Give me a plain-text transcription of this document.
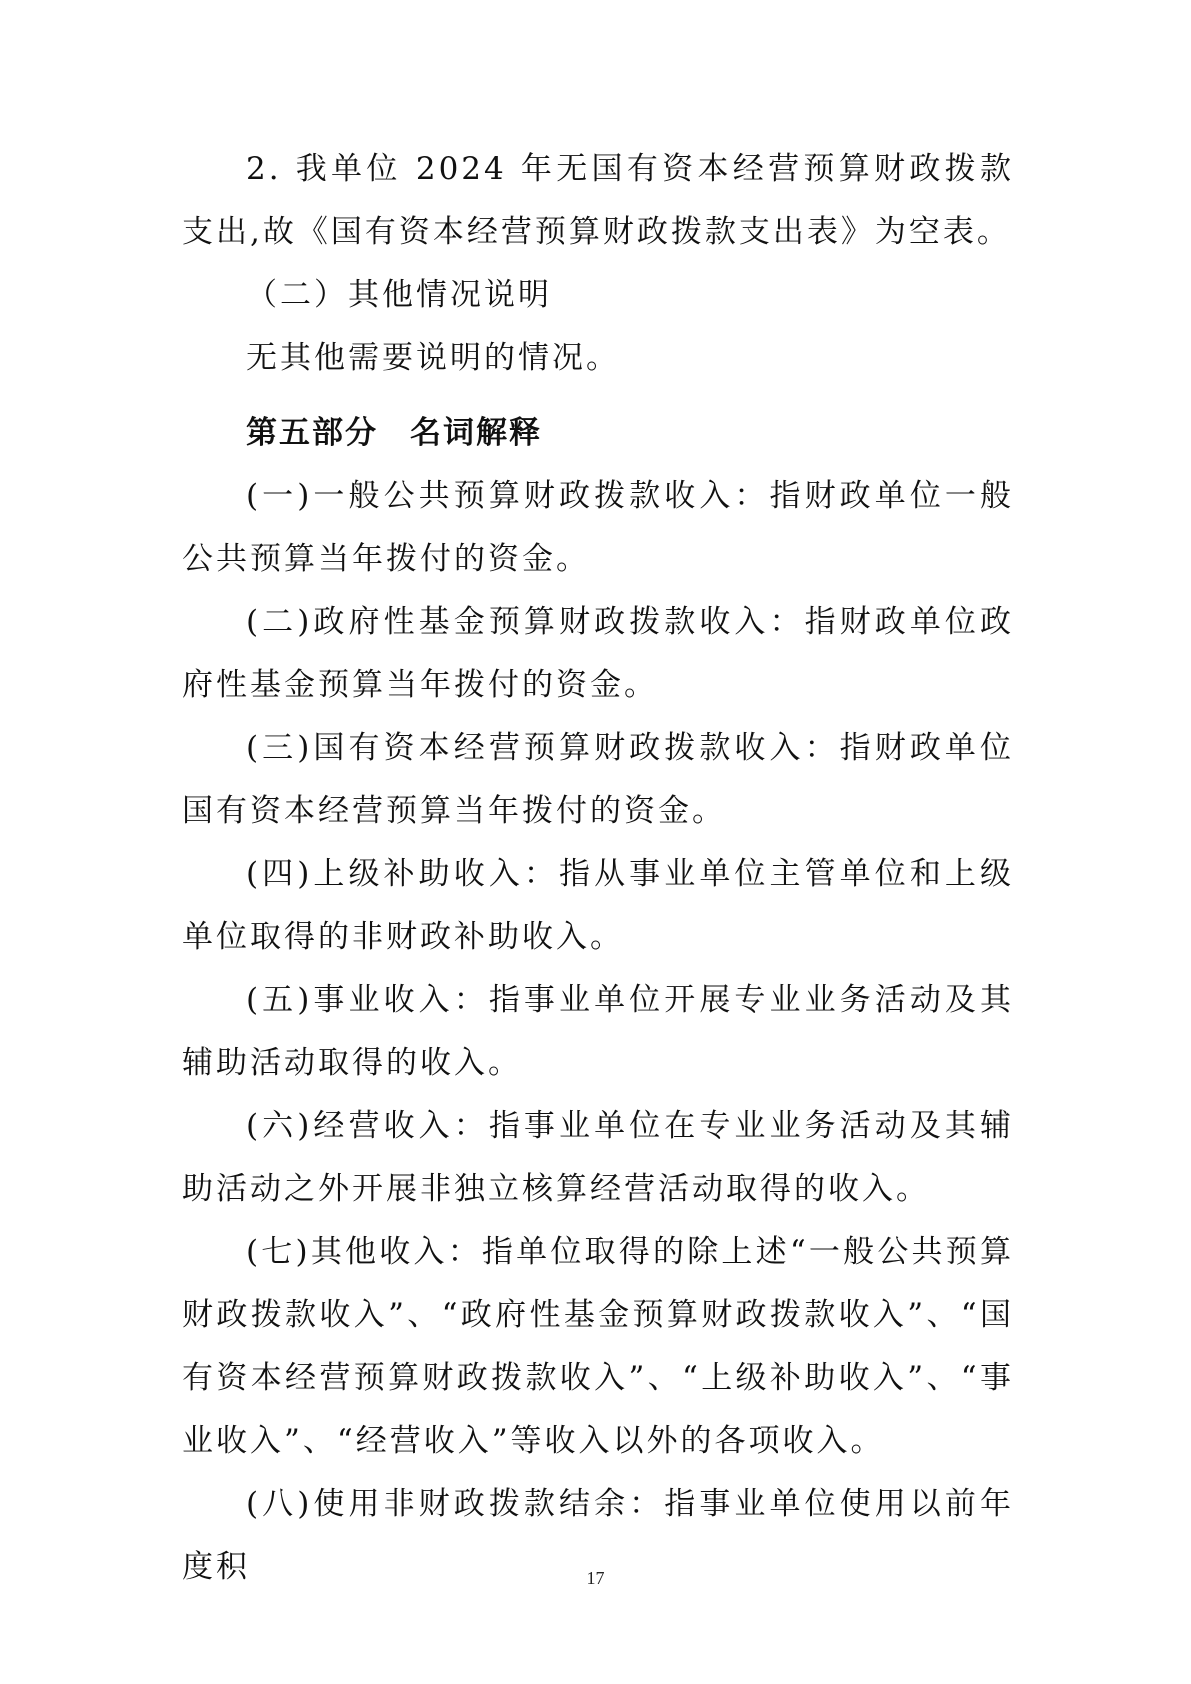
2. 我单位 2024 年无国有资本经营预算财政拨款支出,故《国有资本经营预算财政拨款支出表》为空表。

（二）其他情况说明

无其他需要说明的情况。

第五部分 名词解释

(一)一般公共预算财政拨款收入：指财政单位一般公共预算当年拨付的资金。

(二)政府性基金预算财政拨款收入：指财政单位政府性基金预算当年拨付的资金。

(三)国有资本经营预算财政拨款收入：指财政单位国有资本经营预算当年拨付的资金。

(四)上级补助收入：指从事业单位主管单位和上级单位取得的非财政补助收入。

(五)事业收入：指事业单位开展专业业务活动及其辅助活动取得的收入。

(六)经营收入：指事业单位在专业业务活动及其辅助活动之外开展非独立核算经营活动取得的收入。

(七)其他收入：指单位取得的除上述“一般公共预算财政拨款收入”、“政府性基金预算财政拨款收入”、“国有资本经营预算财政拨款收入”、“上级补助收入”、“事业收入”、“经营收入”等收入以外的各项收入。

(八)使用非财政拨款结余：指事业单位使用以前年度积	17
